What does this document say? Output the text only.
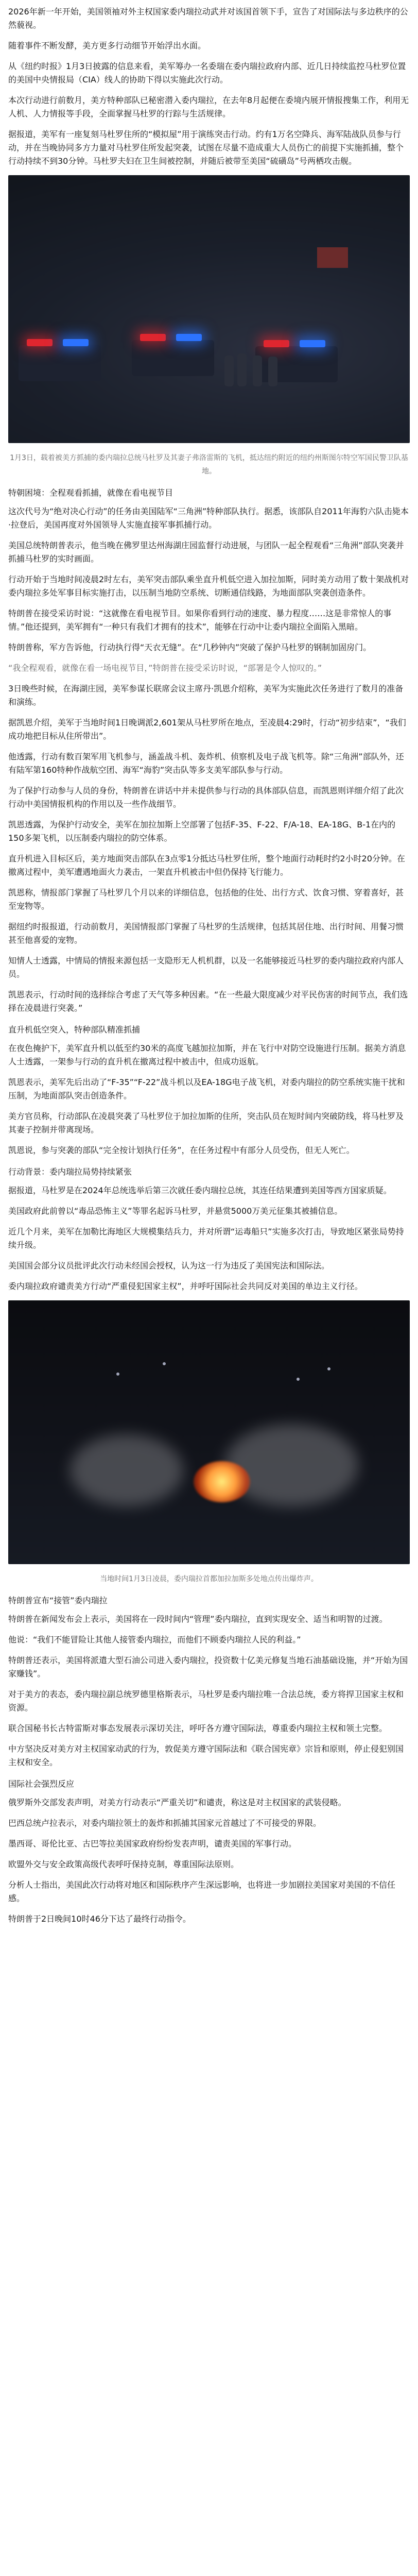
2026年新一年开始，美国领袖对外主权国家委内瑞拉动武并对该国首领下手，宣告了对国际法与多边秩序的公然藐视。

随着事件不断发酵，美方更多行动细节开始浮出水面。

从《纽约时报》1月3日披露的信息来看，美军筹办一名委瑞在委内瑞拉政府内部、近几日持续监控马杜罗位置的美国中央情报局（CIA）线人的协助下得以实施此次行动。

本次行动进行前数月，美方特种部队已秘密潜入委内瑞拉，在去年8月起便在委境内展开情报搜集工作，利用无人机、人力情报等手段，全面掌握马杜罗的行踪与生活规律。

据报道，美军有一座复刻马杜罗住所的“模拟屋”用于演练突击行动。约有1万名空降兵、海军陆战队员参与行动，并在当晚协同多方力量对马杜罗住所发起突袭，试图在尽量不造成重大人员伤亡的前提下实施抓捕，整个行动持续不到30分钟。马杜罗夫妇在卫生间被控制，并随后被带至美国“硫磺岛”号两栖攻击舰。

1月3日，载着被美方抓捕的委内瑞拉总统马杜罗及其妻子弗洛雷斯的飞机，抵达纽约附近的纽约州斯图尔特空军国民警卫队基地。
特朝困境：全程观看抓捕，就像在看电视节目

这次代号为“绝对决心行动”的任务由美国陆军“三角洲”特种部队执行。据悉，该部队自2011年海豹六队击毙本·拉登后，美国再度对外国领导人实施直接军事抓捕行动。

美国总统特朗普表示，他当晚在佛罗里达州海湖庄园监督行动进展，与团队一起全程观看“三角洲”部队突袭并抓捕马杜罗的实时画面。

行动开始于当地时间凌晨2时左右，美军突击部队乘坐直升机低空进入加拉加斯，同时美方动用了数十架战机对委内瑞拉多处军事目标实施打击，以压制当地防空系统、切断通信线路，为地面部队突袭创造条件。

特朗普在接受采访时说：“这就像在看电视节目。如果你看到行动的速度、暴力程度……这是非常惊人的事情。”他还提到，美军拥有“一种只有我们才拥有的技术”，能够在行动中让委内瑞拉全面陷入黑暗。

特朗普称，军方告诉他，行动执行得“天衣无缝”。在“几秒钟内”突破了保护马杜罗的钢制加固房门。

“我全程观看，就像在看一场电视节目，”特朗普在接受采访时说，“部署是令人惊叹的。”

3日晚些时候，在海湖庄园，美军参谋长联席会议主席丹·凯恩介绍称，美军为实施此次任务进行了数月的准备和演练。

据凯恩介绍，美军于当地时间1日晚调派2,601架从马杜罗所在地点，至凌晨4:29时，行动“初步结束”，“我们成功地把目标从住所带出”。

他透露，行动有数百架军用飞机参与，涵盖战斗机、轰炸机、侦察机及电子战飞机等。除“三角洲”部队外，还有陆军第160特种作战航空团、海军“海豹”突击队等多支美军部队参与行动。

为了保护行动参与人员的身份，特朗普在讲话中并未提供参与行动的具体部队信息，而凯恩则详细介绍了此次行动中美国情报机构的作用以及一些作战细节。

凯恩透露，为保护行动安全，美军在加拉加斯上空部署了包括F-35、F-22、F/A-18、EA-18G、B-1在内的150多架飞机，以压制委内瑞拉的防空体系。

直升机进入目标区后，美方地面突击部队在3点零1分抵达马杜罗住所，整个地面行动耗时约2小时20分钟。在撤离过程中，美军遭遇地面火力袭击，一架直升机被击中但仍保持飞行能力。

凯恩称，情报部门掌握了马杜罗几个月以来的详细信息，包括他的住处、出行方式、饮食习惯、穿着喜好，甚至宠物等。

据纽约时报报道，行动前数月，美国情报部门掌握了马杜罗的生活规律，包括其居住地、出行时间、用餐习惯甚至他喜爱的宠物。

知情人士透露，中情局的情报来源包括一支隐形无人机机群，以及一名能够接近马杜罗的委内瑞拉政府内部人员。

凯恩表示，行动时间的选择综合考虑了天气等多种因素。“在一些最大限度减少对平民伤害的时间节点，我们选择在凌晨进行突袭。”

直升机低空突入，特种部队精准抓捕

在夜色掩护下，美军直升机以低至约30米的高度飞越加拉加斯，并在飞行中对防空设施进行压制。据美方消息人士透露，一架参与行动的直升机在撤离过程中被击中，但成功返航。

凯恩表示，美军先后出动了“F-35”“F-22”战斗机以及EA-18G电子战飞机，对委内瑞拉的防空系统实施干扰和压制，为地面部队突击创造条件。

美方官员称，行动部队在凌晨突袭了马杜罗位于加拉加斯的住所，突击队员在短时间内突破防线，将马杜罗及其妻子控制并带离现场。

凯恩说，参与突袭的部队“完全按计划执行任务”，在任务过程中有部分人员受伤，但无人死亡。

行动背景：委内瑞拉局势持续紧张

据报道，马杜罗是在2024年总统选举后第三次就任委内瑞拉总统，其连任结果遭到美国等西方国家质疑。

美国政府此前曾以“毒品恐怖主义”等罪名起诉马杜罗，并悬赏5000万美元征集其被捕信息。

近几个月来，美军在加勒比海地区大规模集结兵力，并对所谓“运毒船只”实施多次打击，导致地区紧张局势持续升级。

美国国会部分议员批评此次行动未经国会授权，认为这一行为违反了美国宪法和国际法。

委内瑞拉政府谴责美方行动“严重侵犯国家主权”，并呼吁国际社会共同反对美国的单边主义行径。

当地时间1月3日凌晨，委内瑞拉首都加拉加斯多处地点传出爆炸声。
特朗普宣布“接管”委内瑞拉

特朗普在新闻发布会上表示，美国将在一段时间内“管理”委内瑞拉，直到实现安全、适当和明智的过渡。

他说：“我们不能冒险让其他人接管委内瑞拉，而他们不顾委内瑞拉人民的利益。”

特朗普还表示，美国将派遣大型石油公司进入委内瑞拉，投资数十亿美元修复当地石油基础设施，并“开始为国家赚钱”。

对于美方的表态，委内瑞拉副总统罗德里格斯表示，马杜罗是委内瑞拉唯一合法总统，委方将捍卫国家主权和资源。

联合国秘书长古特雷斯对事态发展表示深切关注，呼吁各方遵守国际法，尊重委内瑞拉主权和领土完整。

中方坚决反对美方对主权国家动武的行为，敦促美方遵守国际法和《联合国宪章》宗旨和原则，停止侵犯别国主权和安全。

国际社会强烈反应

俄罗斯外交部发表声明，对美方行动表示“严重关切”和谴责，称这是对主权国家的武装侵略。

巴西总统卢拉表示，对委内瑞拉领土的轰炸和抓捕其国家元首越过了不可接受的界限。

墨西哥、哥伦比亚、古巴等拉美国家政府纷纷发表声明，谴责美国的军事行动。

欧盟外交与安全政策高级代表呼吁保持克制，尊重国际法原则。

分析人士指出，美国此次行动将对地区和国际秩序产生深远影响，也将进一步加剧拉美国家对美国的不信任感。

特朗普于2日晚间10时46分下达了最终行动指令。
